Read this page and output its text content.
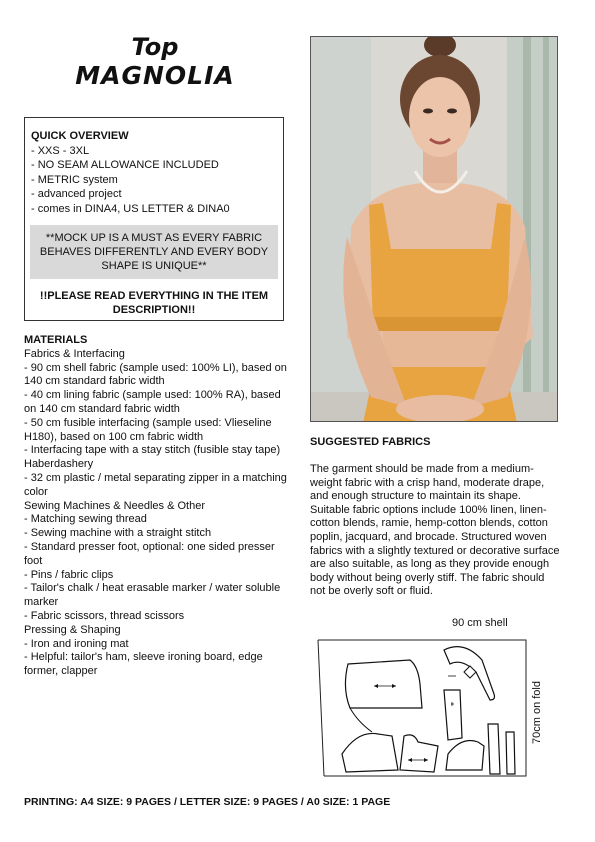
Top
MAGNOLIA
QUICK OVERVIEW
- XXS - 3XL
- NO SEAM ALLOWANCE INCLUDED
- METRIC system
- advanced project
- comes in DINA4, US LETTER & DINA0
**MOCK UP IS A MUST AS EVERY FABRIC BEHAVES DIFFERENTLY AND EVERY BODY SHAPE IS UNIQUE**
!!PLEASE READ EVERYTHING IN THE ITEM DESCRIPTION!!
MATERIALS
Fabrics & Interfacing
- 90 cm shell fabric (sample used: 100% LI), based on 140 cm standard fabric width
- 40 cm lining fabric (sample used: 100% RA), based on 140 cm standard fabric width
- 50 cm fusible interfacing (sample used: Vlieseline H180), based on 100 cm fabric width
- Interfacing tape with a stay stitch (fusible stay tape)
Haberdashery
- 32 cm plastic / metal separating zipper in a matching color
Sewing Machines & Needles & Other
- Matching sewing thread
- Sewing machine with a straight stitch
- Standard presser foot, optional: one sided presser foot
- Pins / fabric clips
- Tailor's chalk / heat erasable marker / water soluble marker
- Fabric scissors, thread scissors
Pressing & Shaping
- Iron and ironing mat
- Helpful: tailor's ham, sleeve ironing board, edge former, clapper
SUGGESTED FABRICS
The garment should be made from a medium-weight fabric with a crisp hand, moderate drape, and enough structure to maintain its shape. Suitable fabric options include 100% linen, linen-cotton blends, ramie, hemp-cotton blends, cotton poplin, jacquard, and brocade. Structured woven fabrics with a slightly textured or decorative surface are also suitable, as long as they provide enough body without being overly stiff. The fabric should not be overly soft or fluid.
90 cm shell
70cm on fold
PRINTING: A4 SIZE: 9 PAGES / LETTER SIZE: 9 PAGES / A0 SIZE: 1 PAGE
